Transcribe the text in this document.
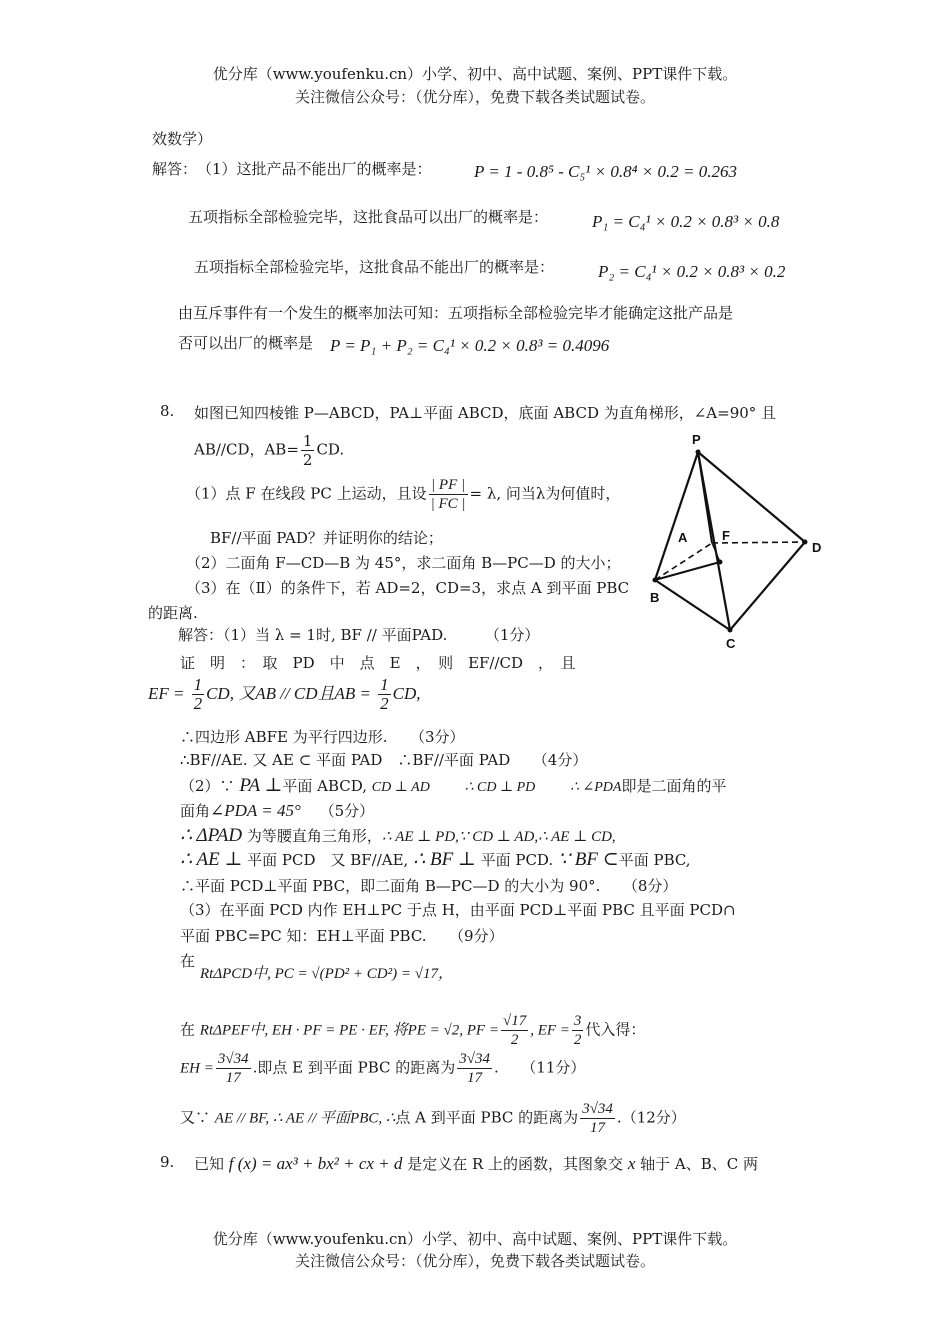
优分库（www.youfenku.cn）小学、初中、高中试题、案例、PPT课件下载。
关注微信公众号：（优分库），免费下载各类试题试卷。
效数学）
解答：　（1）这批产品不能出厂的概率是： P = 1 - 0.8⁵ - C₅¹ × 0.8⁴ × 0.2 = 0.263
五项指标全部检验完毕，这批食品可以出厂的概率是：	P₁ = C₄¹ × 0.2 × 0.8³ × 0.8
五项指标全部检验完毕，这批食品不能出厂的概率是：	P₂ = C₄¹ × 0.2 × 0.8³ × 0.2
由互斥事件有一个发生的概率加法可知：五项指标全部检验完毕才能确定这批产品是
否可以出厂的概率是 P = P₁ + P₂ = C₄¹ × 0.2 × 0.8³ = 0.4096
8. 如图已知四棱锥 P—ABCD，PA⊥平面 ABCD，底面 ABCD 为直角梯形，∠A=90° 且
AB//CD，$AB= \frac{1}{2}$ CD.
（1）点 F 在线段 PC 上运动，且设 $\frac{| PF |}{| FC |} = \lambda$, 问当λ为何值时，
BF//平面 PAD？并证明你的结论；
（2）二面角 F—CD—B 为 45°，求二面角 B—PC—D 的大小；
（3）在（Ⅱ）的条件下，若 AD=2，CD=3，求点 A 到平面 PBC
的距离.
P
A	F
D
B
C
解答：（1）当 λ = 1时, BF // 平面PAD.　　　（1分）
证　明　：　取　PD　中　点　E　，　则　EF//CD　，　且
EF = $\frac{1}{2}$ CD, 又AB // CD且AB = $\frac{1}{2}$ CD,
∴四边形 ABFE 为平行四边形.　　（3分）
∴BF//AE. 又 AE ⊂ 平面 PAD　∴BF//平面 PAD　　（4分）
（2）∵ PA ⊥平面 ABCD, CD ⊥ AD ∴ CD ⊥ PD ∴ ∠PDA即是二面角的平
面角∠PDA = 45° （5分）
∴ ΔPAD 为等腰直角三角形，∴ AE ⊥ PD,∵ CD ⊥ AD,∴ AE ⊥ CD,
∴ AE ⊥ 平面 PCD　又 BF//AE, ∴ BF ⊥ 平面 PCD. ∵ BF ⊂平面 PBC,
∴平面 PCD⊥平面 PBC，即二面角 B—PC—D 的大小为 90°.　　（8分）
（3）在平面 PCD 内作 EH⊥PC 于点 H，由平面 PCD⊥平面 PBC 且平面 PCD∩
平面 PBC=PC 知：EH⊥平面 PBC.　　（9分）
在
RtΔPCD中, PC = √(PD² + CD²) = √17，
在 RtΔPEF中, EH · PF = PE · EF, 将PE = √2, PF = $\frac{√17}{2}$ , EF = $\frac{3}{2}$ 代入得：
EH = $\frac{3√34}{17}$ .即点 E 到平面 PBC 的距离为 $\frac{3√34}{17}$ .　　（11分）
又∵ AE // BF, ∴ AE // 平面PBC, ∴点 A 到平面 PBC 的距离为 $\frac{3√34}{17} .(12$分）
9. 已知 f (x) = ax³ + bx² + cx + d 是定义在 R 上的函数，其图象交 x 轴于 A、B、C 两
优分库（www.youfenku.cn）小学、初中、高中试题、案例、PPT课件下载。
关注微信公众号：（优分库），免费下载各类试题试卷。
